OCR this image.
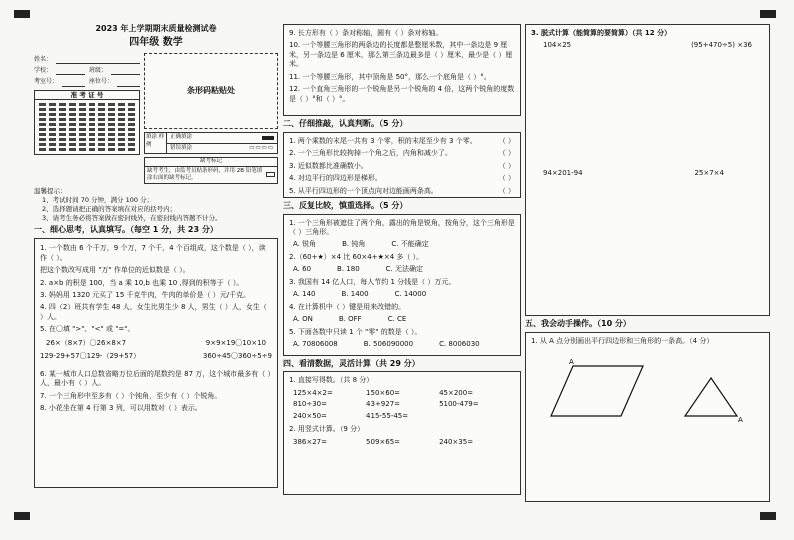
2023 年上学期期末质量检测试卷
四年级 数学
姓名：
学校：	班级：
考室号：	座位号：
准 考 证 号	条形码粘贴处
填涂 样例
正确填涂
错误填涂	▭▭▭▭
缺考标记
缺考考生，由监考员贴条形码，并用 2B 铅笔填涂右面的缺考标记。
温馨提示：
1、考试时间 70 分钟，满分 100 分；
2、选择题请把正确的答案填在对应的括号内；
3、请考生务必将答案做在密封线外，在密封线内答题不计分。
一、细心思考，认真填写。（每空 1 分，共 23 分）
1. 一个数由 6 个千万，9 个万，7 个千，4 个百组成，这个数是（ ），读作（ ）。
把这个数改写成用 "万" 作单位的近似数是（ ）。
2. a×b 的积是 100，当 a 乘 10,b 也乘 10 ,得到的积等于（ ）。
3. 妈妈用 1320 元买了 15 千克牛肉，牛肉的单价是（ ）元/千克。
4. 四（2）班共有学生 48 人，女生比男生少 8 人，男生（ ）人，女生（ ）人。
5. 在〇填 ">"、"<" 或 "="。
26×（8×7）〇26×8×7	9×9×19〇10×10
129-29+57〇129-（29+57）	360÷45〇360÷5÷9
6. 某一城市人口总数省略万位后面的尾数约是 87 万，这个城市最多有（ ）人，最小有（ ）人。
7. 一个三角形中至多有（ ）个钝角，至少有（ ）个锐角。
8. 小花坐在第 4 行第 3 列，可以用数对（ ）表示。
9. 长方形有（ ）条对称轴，圆有（ ）条对称轴。
10. 一个等腰三角形的两条边的长度都是整厘米数，其中一条边是 9 厘米，另一条边是 6 厘米，那么第三条边最多是（ ）厘米，最少是（ ）厘米。
11. 一个等腰三角形，其中顶角是 50°，那么一个底角是（ ）°。
12. 一个直角三角形的一个锐角是另一个锐角的 4 倍，这两个锐角的度数是（ ）°和（ ）°。
二、仔细推敲，认真判断。（5 分）
1. 两个乘数的末尾一共有 3 个零，积的末尾至少有 3 个零。	（ ）
2. 一个三角形比较拘掉一个角之后，内角和减少了。	（ ）
3. 近似数都比准确数小。	（ ）
4. 对边平行的四边形是梯形。	（ ）
5. 从平行四边形的一个顶点向对边能画两条高。	（ ）
三、反复比较，慎重选择。（5 分）
1. 一个三角形被遮住了两个角，露出的角是锐角，按角分，这个三角形是（ ）三角形。
A. 锐角	B. 钝角	C. 不能确定
2.（60+★）×4 比 60×4+★×4 多（ ）。
A. 60	B. 180	C. 无法确定
3. 我国有 14 亿人口，每人节约 1 分钱是（ ）万元。
A. 140	B. 1400	C. 14000
4. 在计算机中（ ）键是用来改错的。
A. ON	B. OFF	C. CE
5. 下面各数中只读 1 个 "零" 的数是（ ）。
A. 70806008	B. 506090000	C. 8006030
四、看清数据，灵活计算（共 29 分）
1. 直接写得数。（共 8 分）
125×4×2=	150×60=	45×200=
810÷30=	43+927=	5100-479=
240×50=	415-55-45=
2. 用竖式计算。（9 分）
386×27=	509×65=	240×35=
3. 脱式计算（能简算的要简算）（共 12 分）
104×25	(95+470÷5) ×36
94×201-94	25×7×4
五、我会动手操作。（10 分）
1. 从 A 点分别画出平行四边形和三角形的一条高。（4 分）
A
A
